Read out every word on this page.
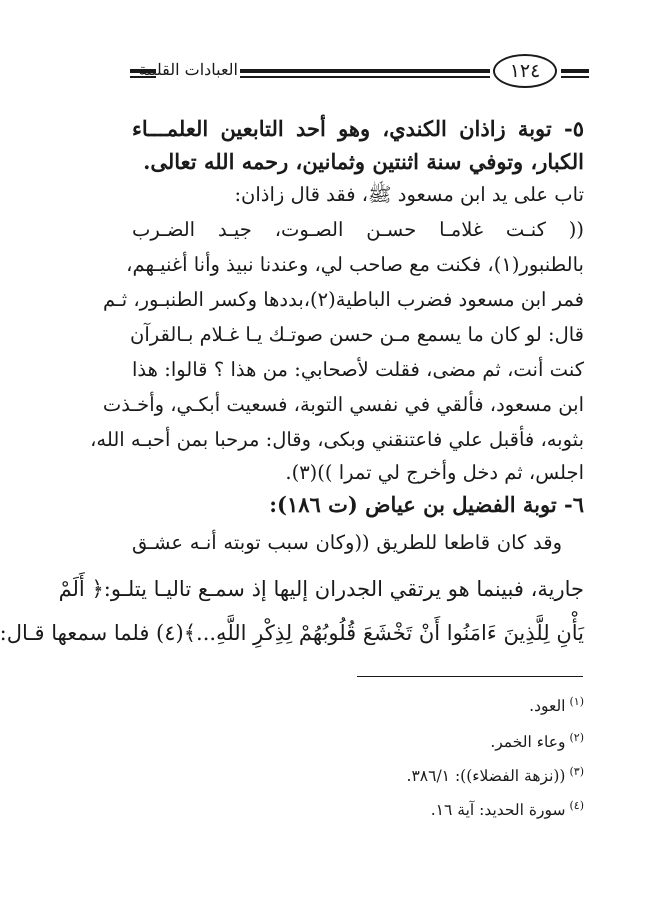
١٢٤
العبادات القلبية
٥- توبة زاذان الكندي، وهو أحد التابعين العلمـــاء
الكبار، وتوفي سنة اثنتين وثمانين، رحمه الله تعالى.
تاب على يد ابن مسعود ﷺ، فقد قال زاذان:
(( كنـت غلامـا حسـن الصـوت، جيـد الضـرب
بالطنبور(١)، فكنت مع صاحب لي، وعندنا نبيذ وأنا أغنيـهم،
فمر ابن مسعود فضرب الباطية(٢)،بددها وكسر الطنبـور، ثـم
قال: لو كان ما يسمع مـن حسن صوتـك يـا غـلام بـالقرآن
كنت أنت، ثم مضى، فقلت لأصحابي: من هذا ؟ قالوا: هذا
ابن مسعود، فألقي في نفسي التوبة، فسعيت أبكـي، وأخـذت
بثوبه، فأقبل علي فاعتنقني وبكى، وقال: مرحبا بمن أحبـه الله،
اجلس، ثم دخل وأخرج لي تمرا ))(٣).
٦- توبة الفضيل بن عياض (ت ١٨٦):
وقد كان قاطعا للطريق ((وكان سبب توبته أنـه عشـق
جارية، فبينما هو يرتقي الجدران إليها إذ سمـع تاليـا يتلـو:﴿ أَلَمْ
يَأْنِ لِلَّذِينَ ءَامَنُوا أَنْ تَخْشَعَ قُلُوبُهُمْ لِذِكْرِ اللَّهِ...﴾(٤) فلما سمعها قـال:
$^{(١)}$العود.
$^{(٢)}$وعاء الخمر.
$^{(٣)}$((نزهة الفضلاء)): ٣٨٦/١.
$^{(٤)}$سورة الحديد: آية ١٦.
